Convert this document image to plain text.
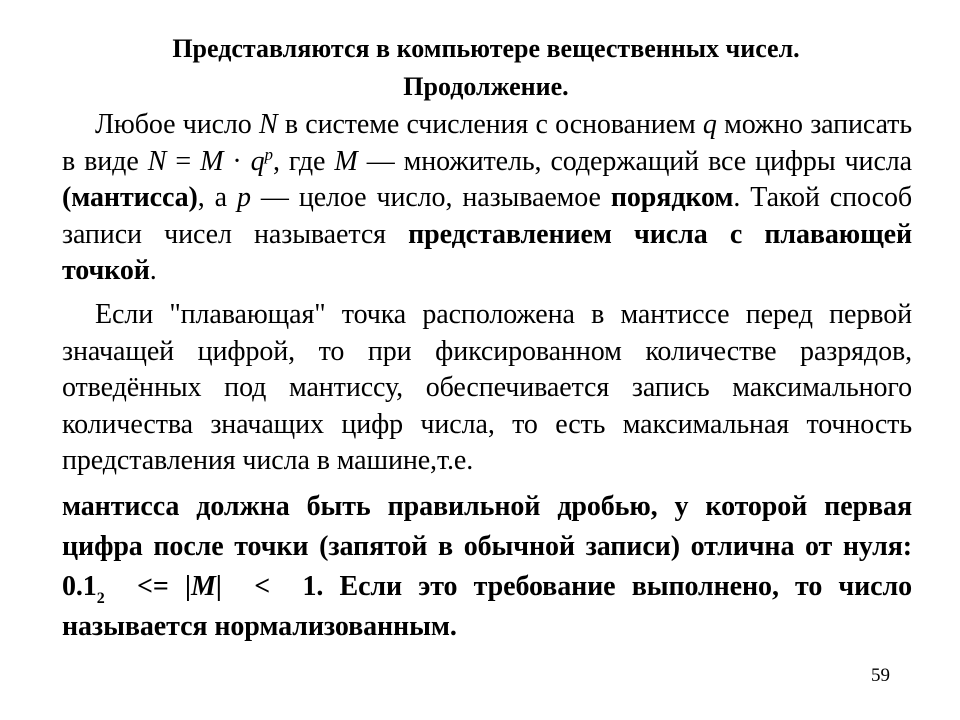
Представляются в компьютере вещественных чисел.
Продолжение.
Любое число N в системе счисления с основанием q можно записать в виде $N = M \cdot q^p$, где M — множитель, содержащий все цифры числа (мантисса), а p — целое число, называемое порядком. Такой способ записи чисел называется представлением числа с плавающей точкой.
Если "плавающая" точка расположена в мантиссе перед первой значащей цифрой, то при фиксированном количестве разрядов, отведённых под мантиссу, обеспечивается запись максимального количества значащих цифр числа, то есть максимальная точность представления числа в машине,т.е.
мантисса должна быть правильной дробью, у которой первая цифра после точки (запятой в обычной записи) отлична от нуля: $0.1_2 <= |M| < 1$. Если это требование выполнено, то число называется нормализованным.
59
